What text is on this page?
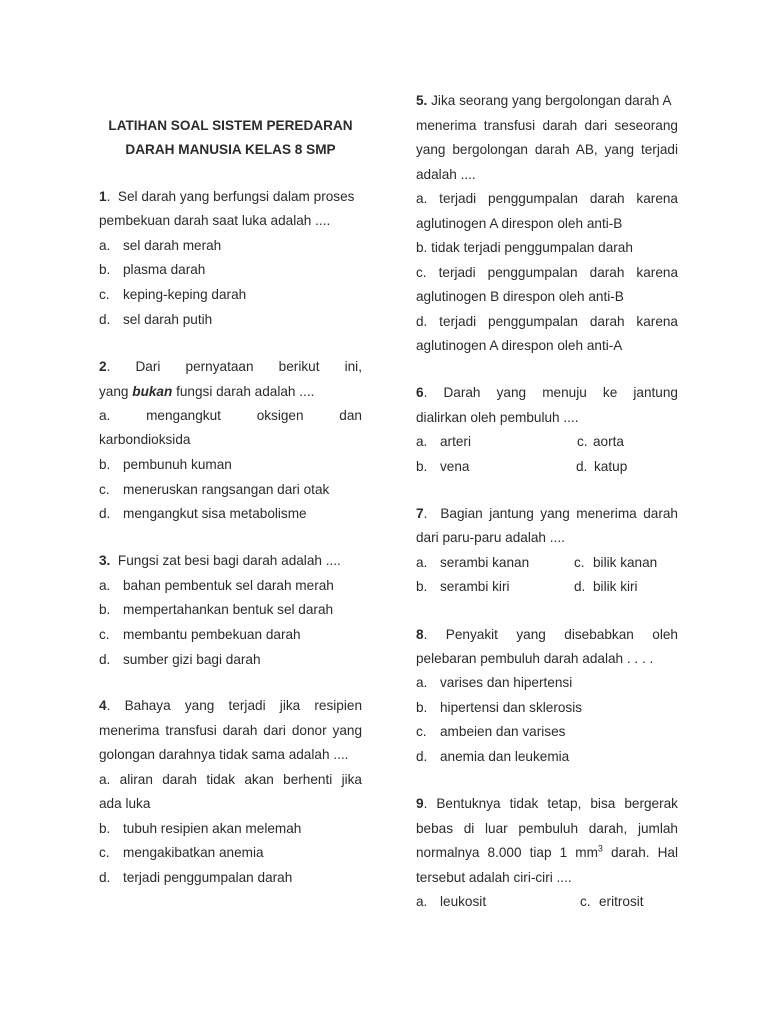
LATIHAN SOAL SISTEM PEREDARAN
DARAH MANUSIA KELAS 8 SMP
1.  Sel darah yang berfungsi dalam proses
pembekuan darah saat luka adalah ....
a. sel darah merah
b. plasma darah
c. keping-keping darah
d. sel darah putih
2. Dari pernyataan berikut ini,
yang bukan fungsi darah adalah ....
a. mengangkut oksigen dan
karbondioksida
b. pembunuh kuman
c. meneruskan rangsangan dari otak
d. mengangkut sisa metabolisme
3. Fungsi zat besi bagi darah adalah ....
a. bahan pembentuk sel darah merah
b. mempertahankan bentuk sel darah
c. membantu pembekuan darah
d. sumber gizi bagi darah
4. Bahaya yang terjadi jika resipien
menerima transfusi darah dari donor yang
golongan darahnya tidak sama adalah ....
a. aliran darah tidak akan berhenti jika
ada luka
b. tubuh resipien akan melemah
c. mengakibatkan anemia
d. terjadi penggumpalan darah
5. Jika seorang yang bergolongan darah A
menerima transfusi darah dari seseorang
yang bergolongan darah AB, yang terjadi
adalah ....
a. terjadi penggumpalan darah karena
aglutinogen A direspon oleh anti-B
b. tidak terjadi penggumpalan darah
c. terjadi penggumpalan darah karena
aglutinogen B direspon oleh anti-B
d. terjadi penggumpalan darah karena
aglutinogen A direspon oleh anti-A
6. Darah yang menuju ke jantung
dialirkan oleh pembuluh ....
a. arteri	c. aorta
b. vena	d. katup
7.  Bagian jantung yang menerima darah
dari paru-paru adalah ....
a. serambi kanan	c. bilik kanan
b. serambi kiri	d. bilik kiri
8. Penyakit yang disebabkan oleh
pelebaran pembuluh darah adalah . . . .
a. varises dan hipertensi
b. hipertensi dan sklerosis
c. ambeien dan varises
d. anemia dan leukemia
9. Bentuknya tidak tetap, bisa bergerak
bebas di luar pembuluh darah, jumlah
normalnya 8.000 tiap 1 $mm^3$ darah. Hal
tersebut adalah ciri-ciri ....
a. leukosit	c. eritrosit
